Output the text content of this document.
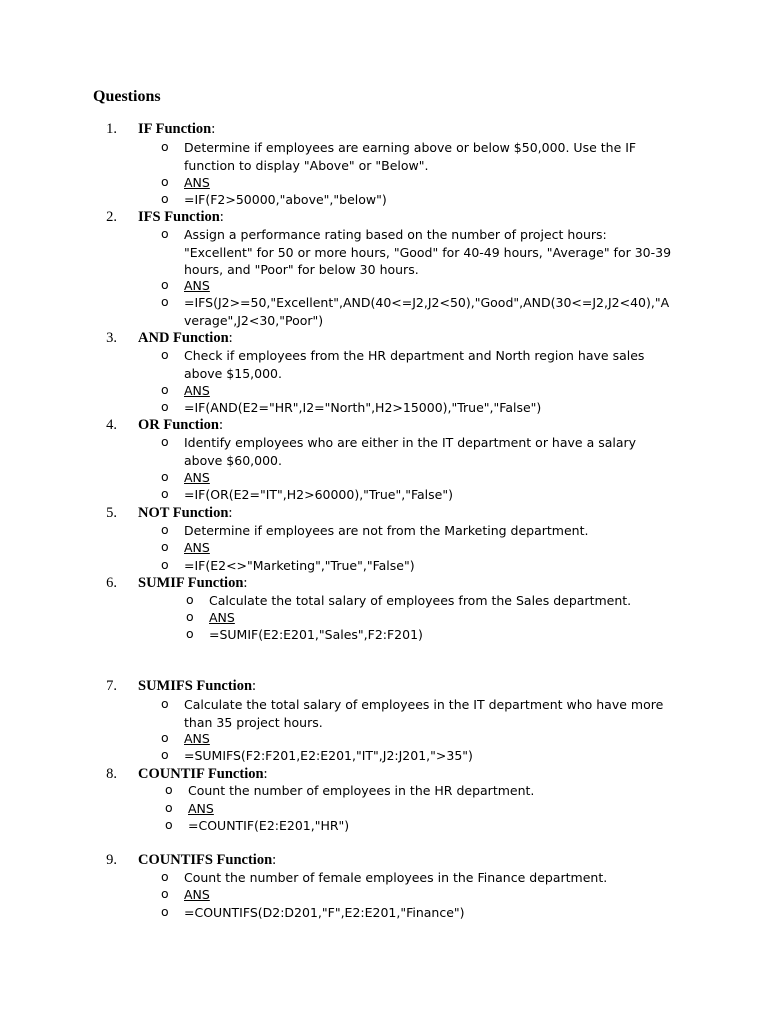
Questions
1. IF Function:
o Determine if employees are earning above or below $50,000. Use the IF function to display "Above" or "Below".
o ANS
o =IF(F2>50000,"above","below")
2. IFS Function:
o Assign a performance rating based on the number of project hours: "Excellent" for 50 or more hours, "Good" for 40-49 hours, "Average" for 30-39 hours, and "Poor" for below 30 hours.
o ANS
o =IFS(J2>=50,"Excellent",AND(40<=J2,J2<50),"Good",AND(30<=J2,J2<40),"Average",J2<30,"Poor")
3. AND Function:
o Check if employees from the HR department and North region have sales above $15,000.
o ANS
o =IF(AND(E2="HR",I2="North",H2>15000),"True","False")
4. OR Function:
o Identify employees who are either in the IT department or have a salary above $60,000.
o ANS
o =IF(OR(E2="IT",H2>60000),"True","False")
5. NOT Function:
o Determine if employees are not from the Marketing department.
o ANS
o =IF(E2<>"Marketing","True","False")
6. SUMIF Function:
o Calculate the total salary of employees from the Sales department.
o ANS
o =SUMIF(E2:E201,"Sales",F2:F201)
7. SUMIFS Function:
o Calculate the total salary of employees in the IT department who have more than 35 project hours.
o ANS
o =SUMIFS(F2:F201,E2:E201,"IT",J2:J201,">35")
8. COUNTIF Function:
o Count the number of employees in the HR department.
o ANS
o =COUNTIF(E2:E201,"HR")
9. COUNTIFS Function:
o Count the number of female employees in the Finance department.
o ANS
o =COUNTIFS(D2:D201,"F",E2:E201,"Finance")
